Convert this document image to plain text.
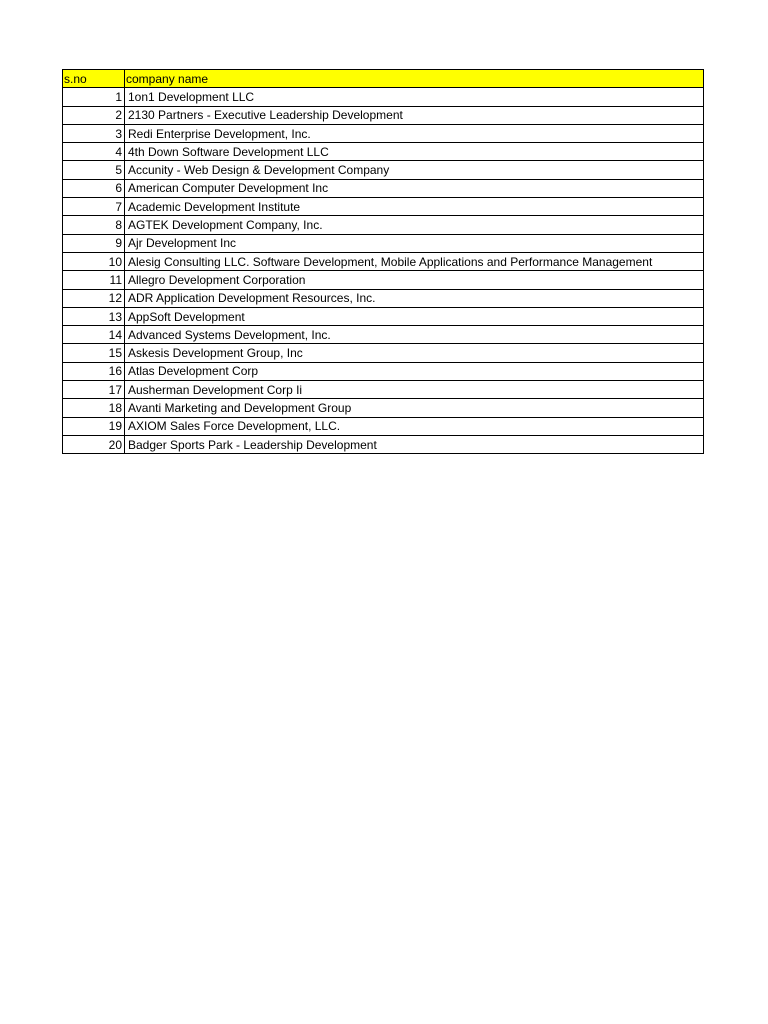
s.no	company name
1	1on1 Development LLC
2	2130 Partners - Executive Leadership Development
3	Redi Enterprise Development, Inc.
4	4th Down Software Development LLC
5	Accunity - Web Design & Development Company
6	American Computer Development Inc
7	Academic Development Institute
8	AGTEK Development Company, Inc.
9	Ajr Development Inc
10	Alesig Consulting LLC. Software Development, Mobile Applications and Performance Management
11	Allegro Development Corporation
12	ADR Application Development Resources, Inc.
13	AppSoft Development
14	Advanced Systems Development, Inc.
15	Askesis Development Group, Inc
16	Atlas Development Corp
17	Ausherman Development Corp Ii
18	Avanti Marketing and Development Group
19	AXIOM Sales Force Development, LLC.
20	Badger Sports Park - Leadership Development
